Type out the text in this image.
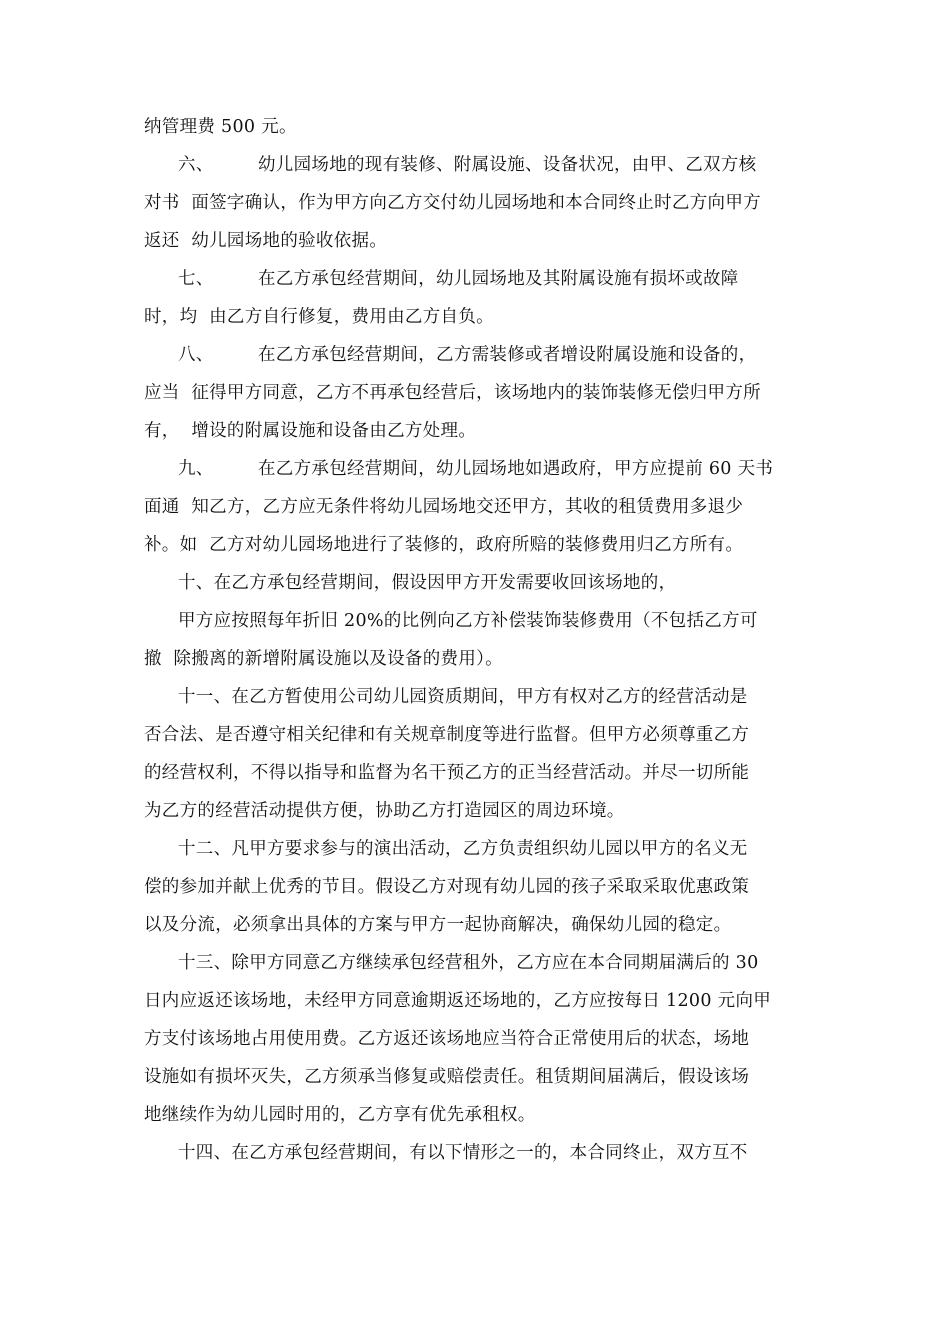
纳管理费 500 元。
六、	幼儿园场地的现有装修、附属设施、设备状况，由甲、乙双方核
对书  面签字确认，作为甲方向乙方交付幼儿园场地和本合同终止时乙方向甲方
返还  幼儿园场地的验收依据。
七、	在乙方承包经营期间，幼儿园场地及其附属设施有损坏或故障
时，均  由乙方自行修复，费用由乙方自负。
八、	在乙方承包经营期间，乙方需装修或者增设附属设施和设备的，
应当  征得甲方同意，乙方不再承包经营后，该场地内的装饰装修无偿归甲方所
有，  增设的附属设施和设备由乙方处理。
九、	在乙方承包经营期间，幼儿园场地如遇政府，甲方应提前 60 天书
面通  知乙方，乙方应无条件将幼儿园场地交还甲方，其收的租赁费用多退少
补。如  乙方对幼儿园场地进行了装修的，政府所赔的装修费用归乙方所有。
十、在乙方承包经营期间，假设因甲方开发需要收回该场地的，
甲方应按照每年折旧 20%的比例向乙方补偿装饰装修费用（不包括乙方可
撤  除搬离的新增附属设施以及设备的费用）。
十一、在乙方暂使用公司幼儿园资质期间，甲方有权对乙方的经营活动是
否合法、是否遵守相关纪律和有关规章制度等进行监督。但甲方必须尊重乙方
的经营权利，不得以指导和监督为名干预乙方的正当经营活动。并尽一切所能
为乙方的经营活动提供方便，协助乙方打造园区的周边环境。
十二、凡甲方要求参与的演出活动，乙方负责组织幼儿园以甲方的名义无
偿的参加并献上优秀的节目。假设乙方对现有幼儿园的孩子采取采取优惠政策
以及分流，必须拿出具体的方案与甲方一起协商解决，确保幼儿园的稳定。
十三、除甲方同意乙方继续承包经营租外，乙方应在本合同期届满后的 30
日内应返还该场地，未经甲方同意逾期返还场地的，乙方应按每日 1200 元向甲
方支付该场地占用使用费。乙方返还该场地应当符合正常使用后的状态，场地
设施如有损坏灭失，乙方须承当修复或赔偿责任。租赁期间届满后，假设该场
地继续作为幼儿园时用的，乙方享有优先承租权。
十四、在乙方承包经营期间，有以下情形之一的，本合同终止，双方互不
